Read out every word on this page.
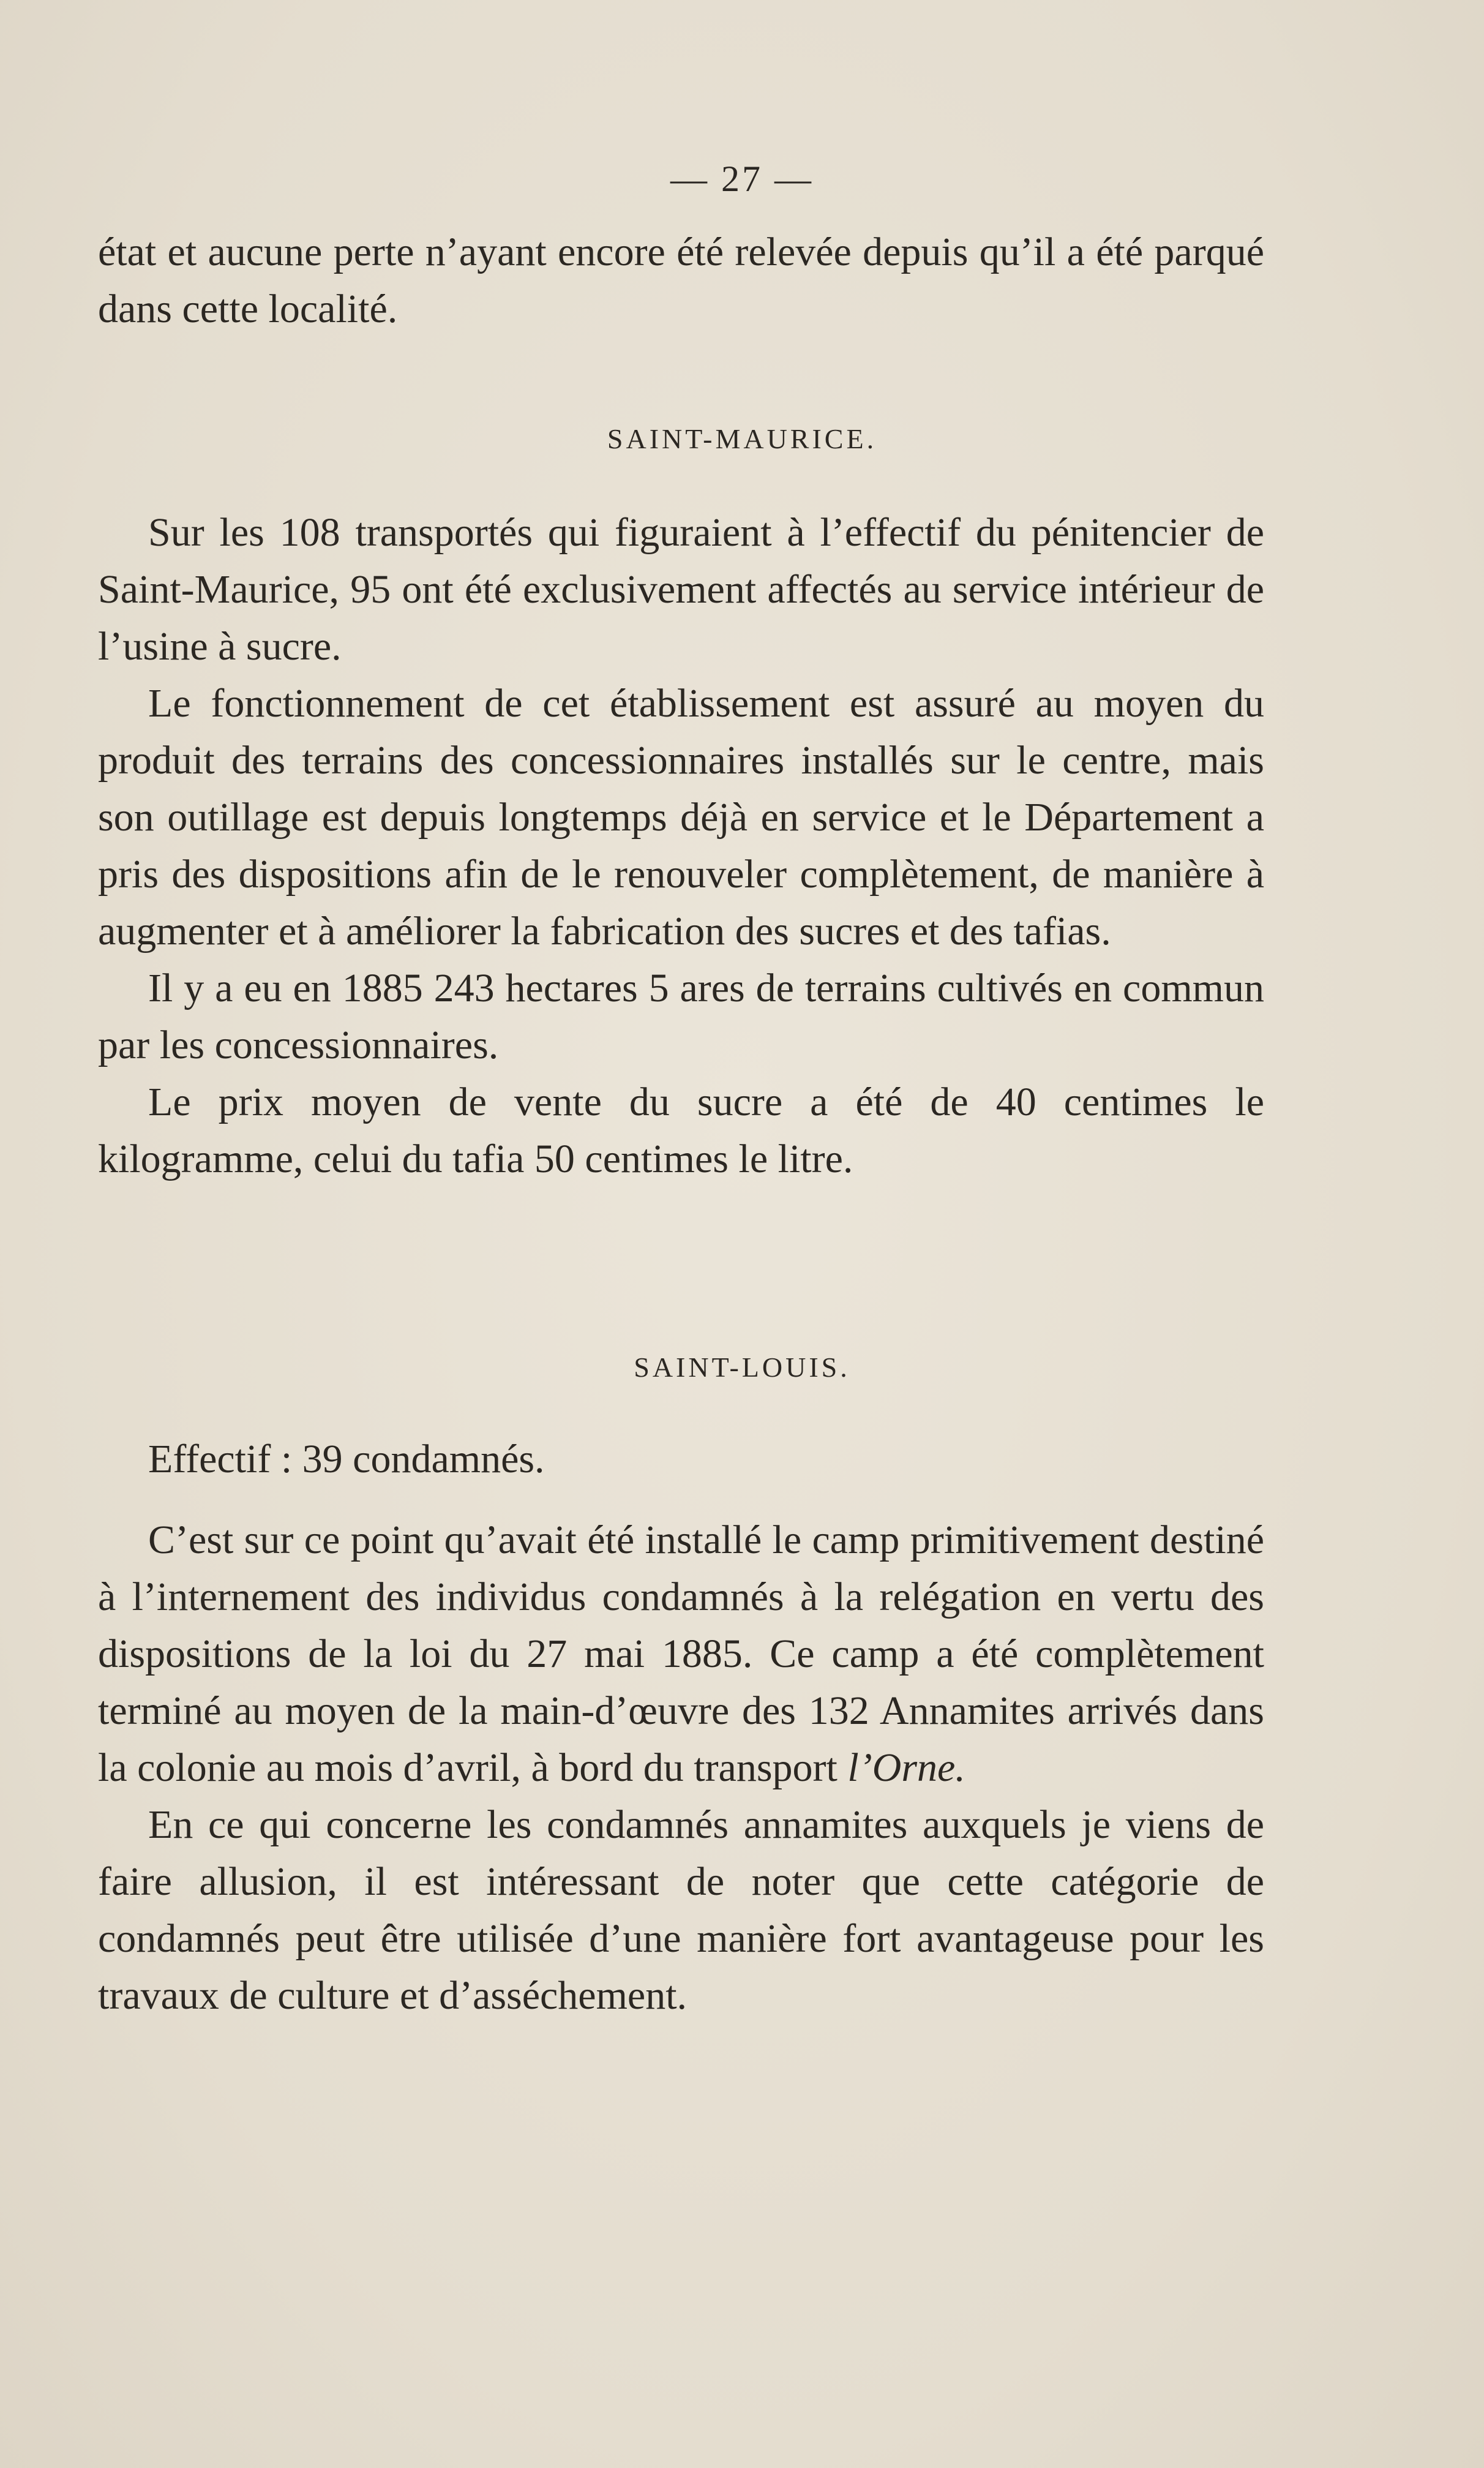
— 27 —

état et aucune perte n’ayant encore été relevée depuis qu’il a été parqué dans cette localité.

SAINT-MAURICE.

Sur les 108 transportés qui figuraient à l’effectif du pénitencier de Saint-Maurice, 95 ont été exclusivement affectés au service intérieur de l’usine à sucre.

Le fonctionnement de cet établissement est assuré au moyen du produit des terrains des concessionnaires installés sur le centre, mais son outillage est depuis longtemps déjà en service et le Département a pris des dispositions afin de le renouveler complètement, de manière à augmenter et à améliorer la fabrication des sucres et des tafias.

Il y a eu en 1885 243 hectares 5 ares de terrains cultivés en commun par les concessionnaires.

Le prix moyen de vente du sucre a été de 40 centimes le kilogramme, celui du tafia 50 centimes le litre.

SAINT-LOUIS.

Effectif : 39 condamnés.

C’est sur ce point qu’avait été installé le camp primitivement destiné à l’internement des individus condamnés à la relégation en vertu des dispositions de la loi du 27 mai 1885. Ce camp a été complètement terminé au moyen de la main-d’œuvre des 132 Annamites arrivés dans la colonie au mois d’avril, à bord du transport l’Orne.

En ce qui concerne les condamnés annamites auxquels je viens de faire allusion, il est intéressant de noter que cette catégorie de condamnés peut être utilisée d’une manière fort avantageuse pour les travaux de culture et d’asséchement.
